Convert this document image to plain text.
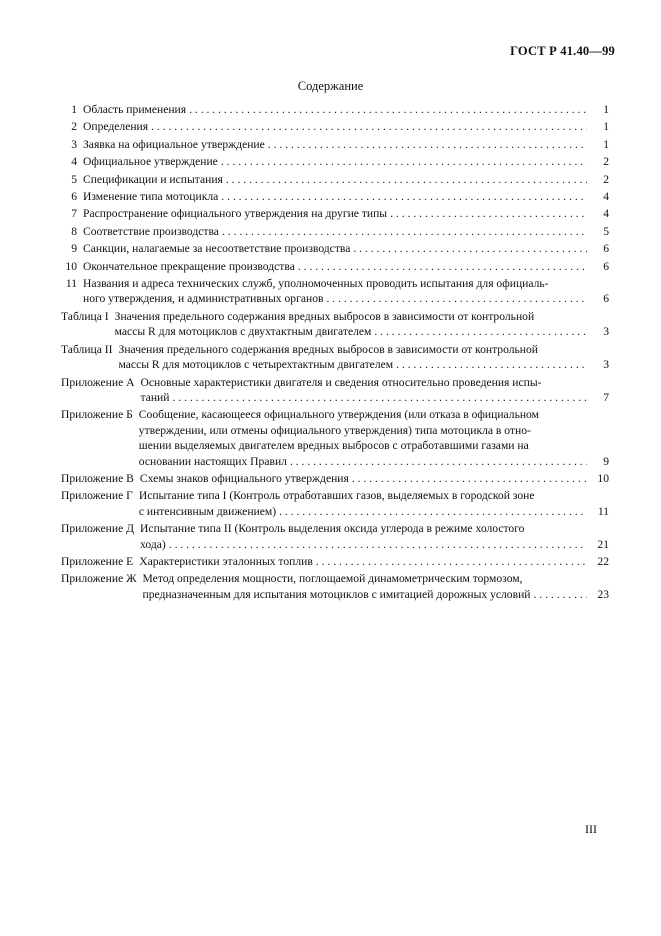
ГОСТ Р 41.40—99
Содержание
1 Область применения . . .	1
2 Определения . . .	1
3 Заявка на официальное утверждение . . .	1
4 Официальное утверждение . . .	2
5 Спецификации и испытания . . .	2
6 Изменение типа мотоцикла . . .	4
7 Распространение официального утверждения на другие типы . . .	4
8 Соответствие производства . . .	5
9 Санкции, налагаемые за несоответствие производства . . .	6
10 Окончательное прекращение производства . . .	6
11 Названия и адреса технических служб, уполномоченных проводить испытания для официаль-
ного утверждения, и административных органов . . .	6
Таблица I Значения предельного содержания вредных выбросов в зависимости от контрольной
массы R для мотоциклов с двухтактным двигателем . . .	3
Таблица II Значения предельного содержания вредных выбросов в зависимости от контрольной
массы R для мотоциклов с четырехтактным двигателем . . .	3
Приложение А Основные характеристики двигателя и сведения относительно проведения испы-
таний . . .	7
Приложение Б Сообщение, касающееся официального утверждения (или отказа в официальном
утверждении, или отмены официального утверждения) типа мотоцикла в отно-
шении выделяемых двигателем вредных выбросов с отработавшими газами на
основании настоящих Правил . . .	9
Приложение В Схемы знаков официального утверждения . . .	10
Приложение Г Испытание типа I (Контроль отработавших газов, выделяемых в городской зоне
с интенсивным движением) . . .	11
Приложение Д Испытание типа II (Контроль выделения оксида углерода в режиме холостого
хода) . . .	21
Приложение Е Характеристики эталонных топлив . . .	22
Приложение Ж Метод определения мощности, поглощаемой динамометрическим тормозом,
предназначенным для испытания мотоциклов с имитацией дорожных условий . . .	23
III
